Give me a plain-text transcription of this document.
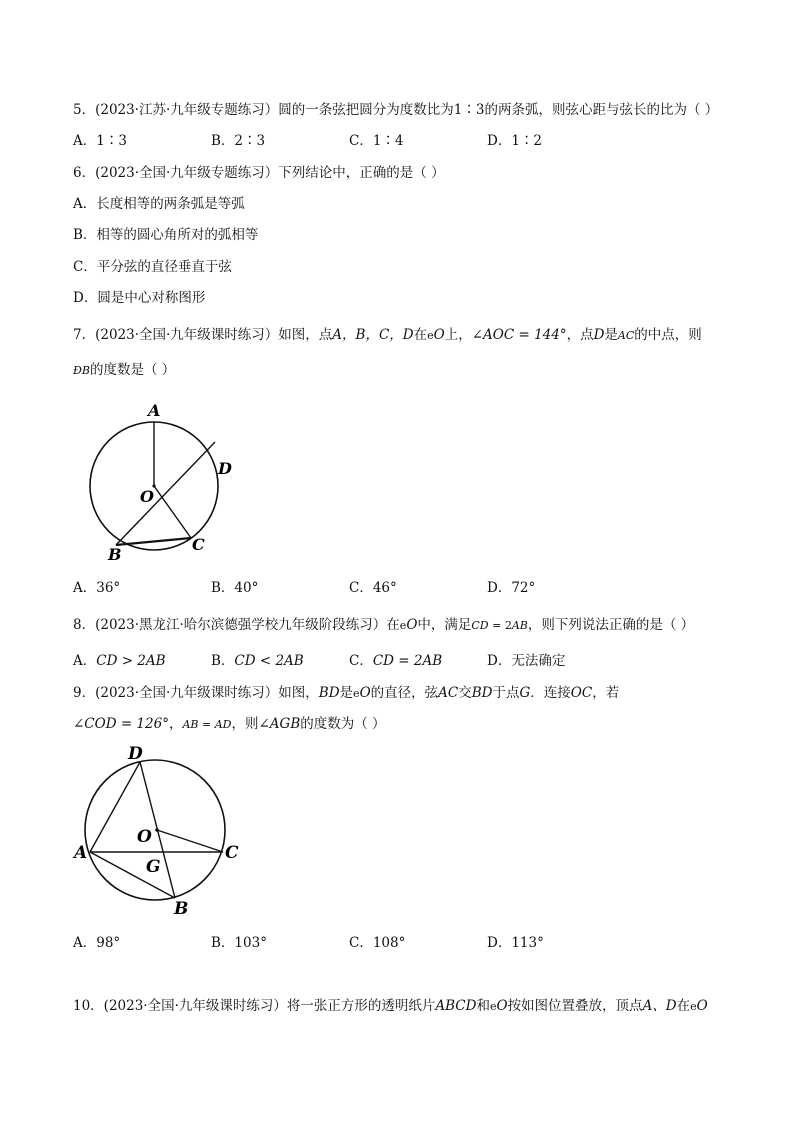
5．(2023·江苏·九年级专题练习）圆的一条弦把圆分为度数比为1∶3的两条弧，则弦心距与弦长的比为（ ）
A．1∶3	B．2∶3	C．1∶4	D．1∶2
6．(2023·全国·九年级专题练习）下列结论中，正确的是（ ）
A．长度相等的两条弧是等弧
B．相等的圆心角所对的弧相等
C．平分弦的直径垂直于弦
D．圆是中心对称图形
7．(2023·全国·九年级课时练习）如图，点A，B，C，D在eO上，∠AOC = 144°，点D是AC的中点，则
ÐB的度数是（ ）
A
O
D
B
C
A．36°	B．40°	C．46°	D．72°
8．(2023·黑龙江·哈尔滨德强学校九年级阶段练习）在eO中，满足CD = 2AB，则下列说法正确的是（ ）
A．CD > 2AB	B．CD < 2AB	C．CD = 2AB	D．无法确定
9．(2023·全国·九年级课时练习）如图，BD是eO的直径，弦AC交BD于点G．连接OC，若
∠COD = 126°，AB = AD，则∠AGB的度数为（ ）
D
O
A
G
C
B
A．98°	B．103°	C．108°	D．113°
10．(2023·全国·九年级课时练习）将一张正方形的透明纸片ABCD和eO按如图位置叠放，顶点A、D在eO
